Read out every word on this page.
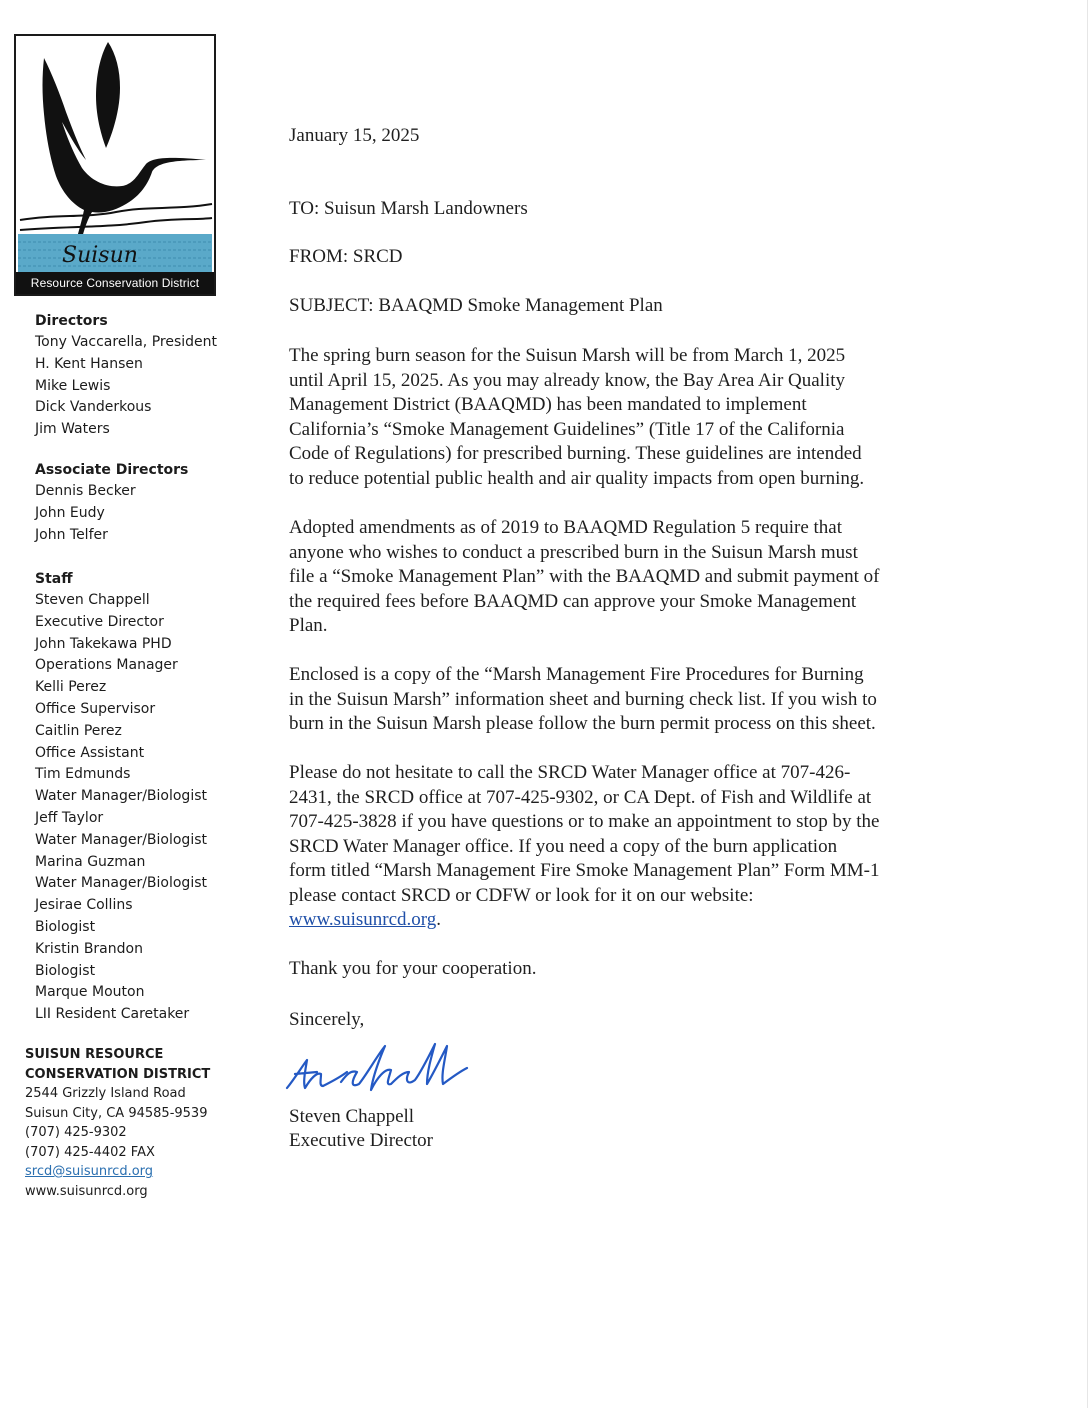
Suisun
Resource Conservation District
Directors
Tony Vaccarella, President
H. Kent Hansen
Mike Lewis
Dick Vanderkous
Jim Waters
Associate Directors
Dennis Becker
John Eudy
John Telfer
Staff
Steven Chappell
Executive Director
John Takekawa PHD
Operations Manager
Kelli Perez
Office Supervisor
Caitlin Perez
Office Assistant
Tim Edmunds
Water Manager/Biologist
Jeff Taylor
Water Manager/Biologist
Marina Guzman
Water Manager/Biologist
Jesirae Collins
Biologist
Kristin Brandon
Biologist
Marque Mouton
LII Resident Caretaker
SUISUN RESOURCE
CONSERVATION DISTRICT
2544 Grizzly Island Road
Suisun City, CA 94585-9539
(707) 425-9302
(707) 425-4402 FAX
srcd@suisunrcd.org
www.suisunrcd.org

January 15, 2025

TO: Suisun Marsh Landowners

FROM: SRCD

SUBJECT: BAAQMD Smoke Management Plan

The spring burn season for the Suisun Marsh will be from March 1, 2025
until April 15, 2025. As you may already know, the Bay Area Air Quality
Management District (BAAQMD) has been mandated to implement
California’s “Smoke Management Guidelines” (Title 17 of the California
Code of Regulations) for prescribed burning. These guidelines are intended
to reduce potential public health and air quality impacts from open burning.

Adopted amendments as of 2019 to BAAQMD Regulation 5 require that
anyone who wishes to conduct a prescribed burn in the Suisun Marsh must
file a “Smoke Management Plan” with the BAAQMD and submit payment of
the required fees before BAAQMD can approve your Smoke Management
Plan.

Enclosed is a copy of the “Marsh Management Fire Procedures for Burning
in the Suisun Marsh” information sheet and burning check list. If you wish to
burn in the Suisun Marsh please follow the burn permit process on this sheet.

Please do not hesitate to call the SRCD Water Manager office at 707-426-
2431, the SRCD office at 707-425-9302, or CA Dept. of Fish and Wildlife at
707-425-3828 if you have questions or to make an appointment to stop by the
SRCD Water Manager office. If you need a copy of the burn application
form titled “Marsh Management Fire Smoke Management Plan” Form MM-1
please contact SRCD or CDFW or look for it on our website:
www.suisunrcd.org.

Thank you for your cooperation.

Sincerely,

Steven Chappell

Executive Director
